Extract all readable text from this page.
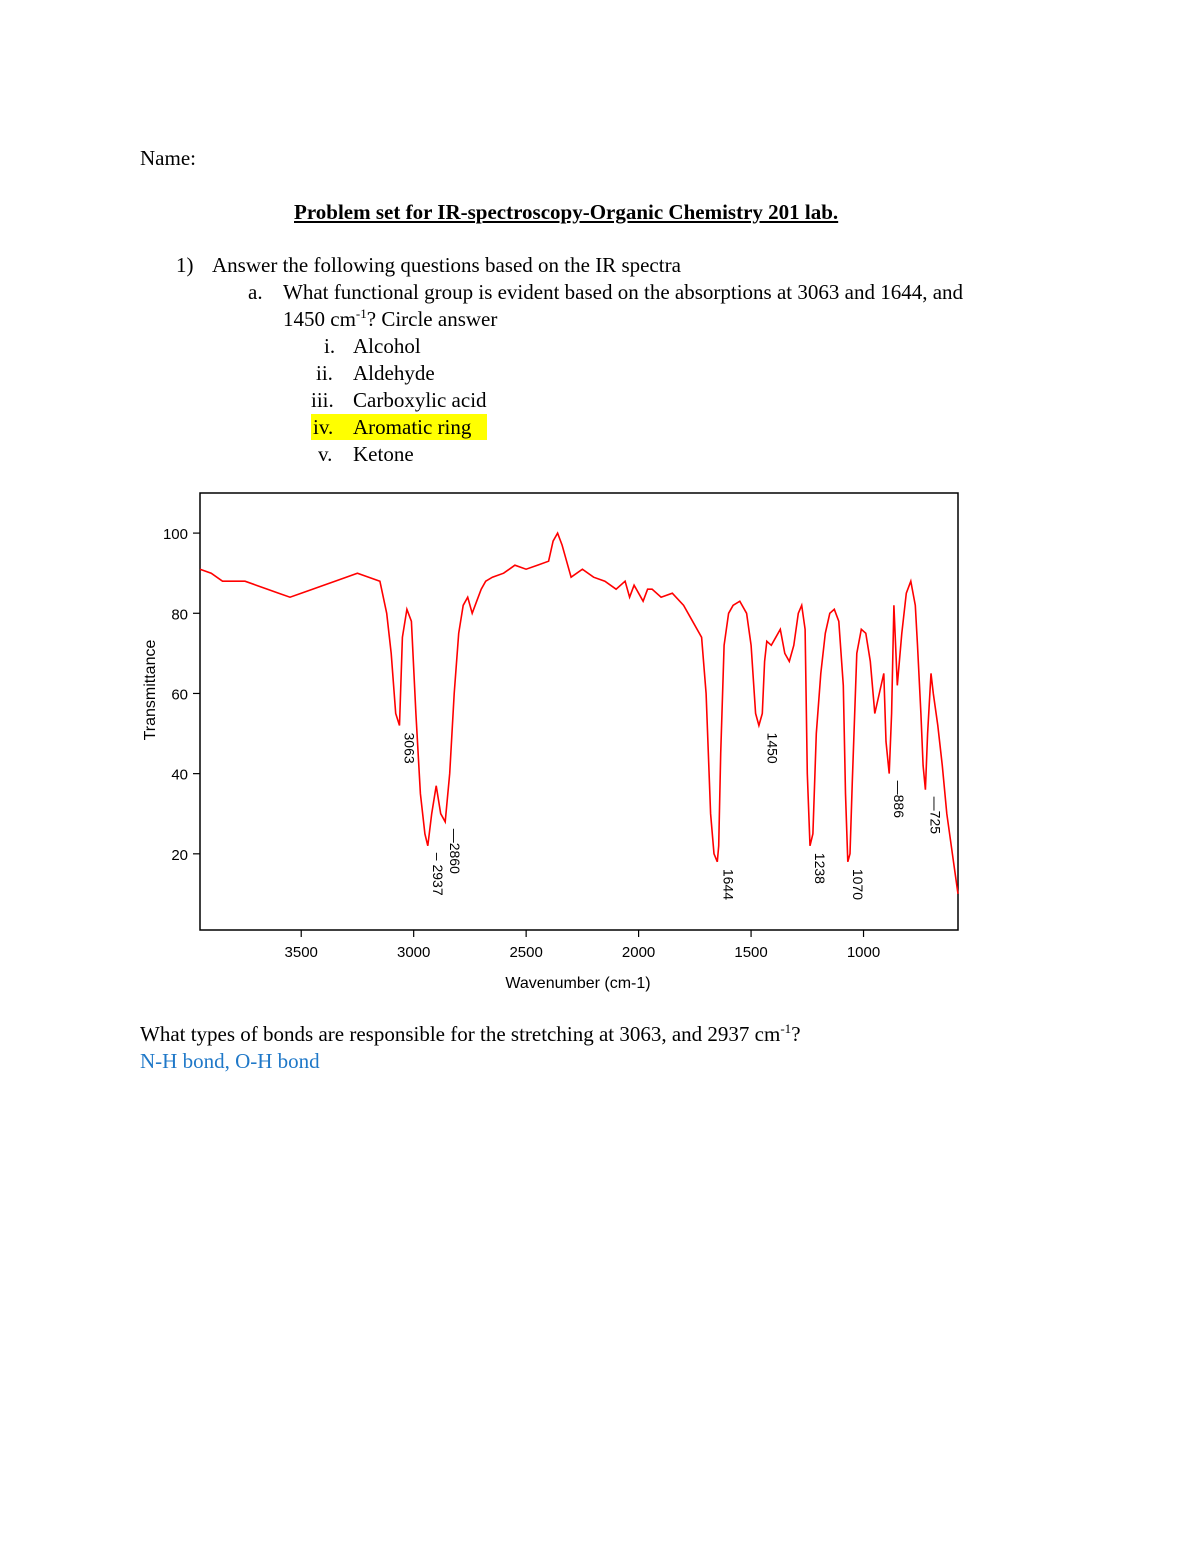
Name:
Problem set for IR-spectroscopy-Organic Chemistry 201 lab.
1) Answer the following questions based on the IR spectra
a. What functional group is evident based on the absorptions at 3063 and 1644, and
1450 $cm^{-1}$? Circle answer
i. Alcohol
ii. Aldehyde
iii. Carboxylic acid
iv. Aromatic ring
v. Ketone
20
40
60
80
100
3500	3000	2500	2000	1500	1000
3063
– 2937
—2860
1644
1450
1238
1070
—886 —725
Wavenumber (cm-1)
Transmittance
What types of bonds are responsible for the stretching at 3063, and 2937 $cm^{-1}$?
N-H bond, O-H bond
